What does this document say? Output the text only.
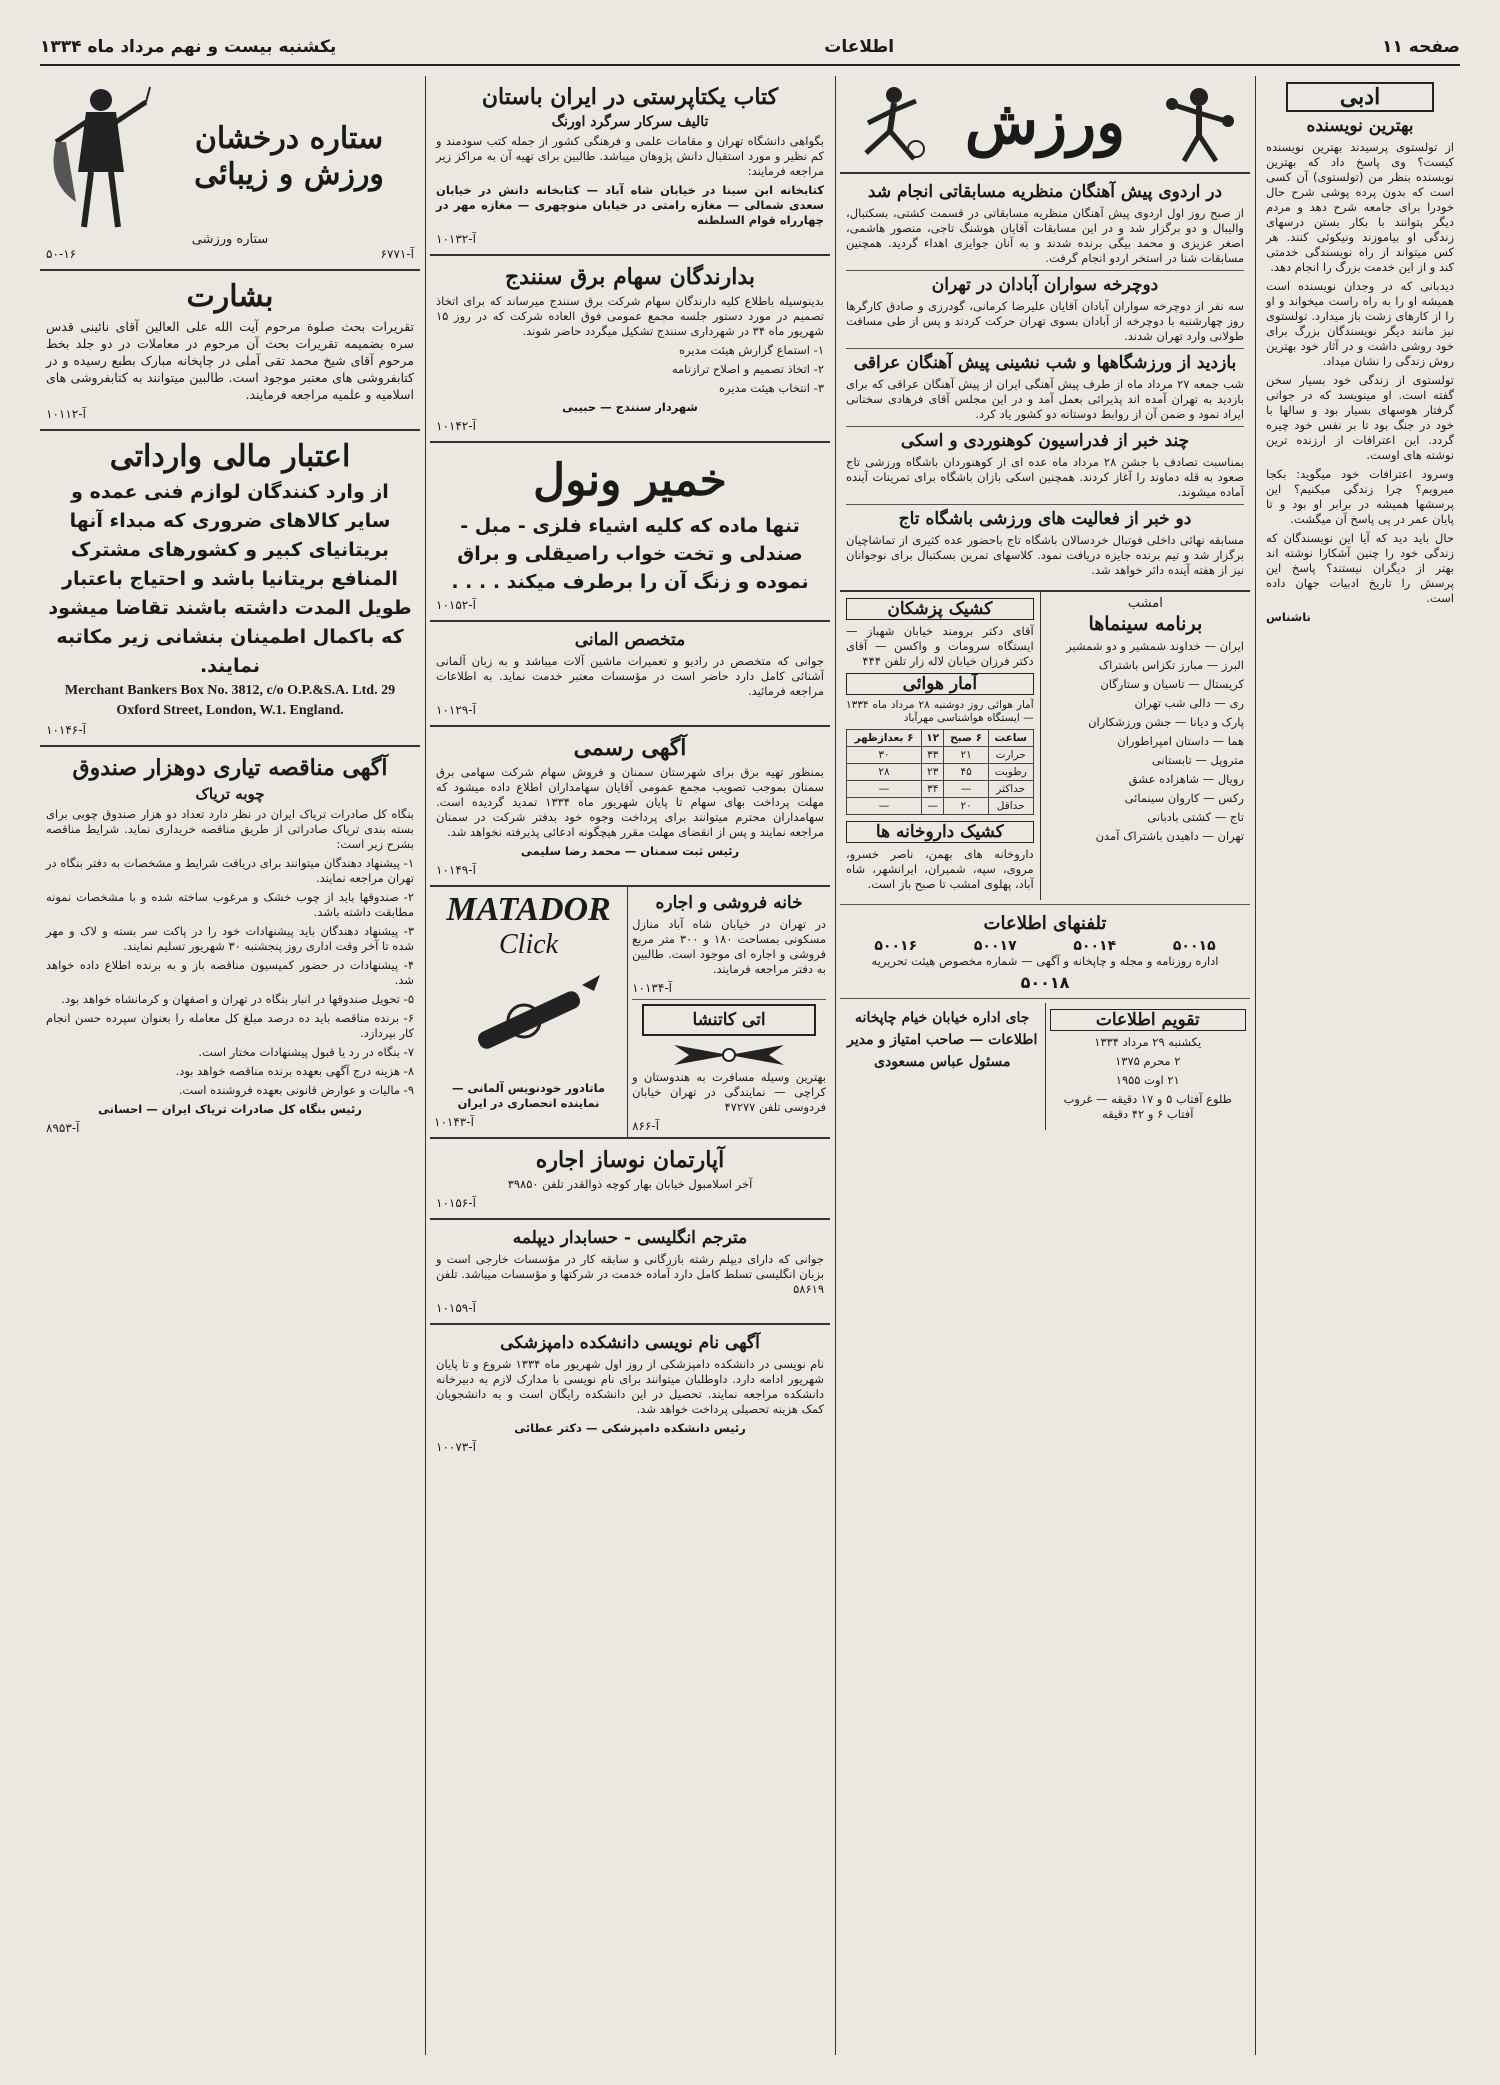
صفحه ۱۱
اطلاعات
یکشنبه بیست و نهم مرداد ماه ۱۳۳۴
ادبی
بهترین نویسنده

از تولستوی پرسیدند بهترین نویسنده کیست؟ وی پاسخ داد که بهترین نویسنده بنظر من (تولستوی) آن کسی است که بدون پرده پوشی شرح حال خودرا برای جامعه شرح دهد و مردم دیگر بتوانند با بکار بستن درسهای زندگی او بیاموزند ونیکوئی کنند. هر کس میتواند از راه نویسندگی خدمتی کند و از این خدمت بزرگ را انجام دهد.

دیدبانی که در وجدان نویسنده است همیشه او را به راه راست میخواند و او را از کارهای زشت باز میدارد. تولستوی نیز مانند دیگر نویسندگان بزرگ برای خود روشی داشت و در آثار خود بهترین روش زندگی را نشان میداد.

تولستوی از زندگی خود بسیار سخن گفته است. او مینویسد که در جوانی گرفتار هوسهای بسیار بود و سالها با خود در جنگ بود تا بر نفس خود چیره گردد. این اعترافات از ارزنده ترین نوشته های اوست.

وسرود اعترافات خود میگوید: بکجا میرویم؟ چرا زندگی میکنیم؟ این پرسشها همیشه در برابر او بود و تا پایان عمر در پی پاسخ آن میگشت.

حال باید دید که آیا این نویسندگان که زندگی خود را چنین آشکارا نوشته اند بهتر از دیگران نیستند؟ پاسخ این پرسش را تاریخ ادبیات جهان داده است.

ناشناس

ورزش
در اردوی پیش آهنگان منظریه مسابقاتی انجام شد

از صبح روز اول اردوی پیش آهنگان منظریه مسابقاتی در قسمت کشتی، بسکتبال، والیبال و دو برگزار شد و در این مسابقات آقایان هوشنگ تاجی، منصور هاشمی، اصغر عزیزی و محمد بیگی برنده شدند و به آنان جوایزی اهداء گردید. همچنین مسابقات شنا در استخر اردو انجام گرفت.

دوچرخه سواران آبادان در تهران

سه نفر از دوچرخه سواران آبادان آقایان علیرضا کرمانی، گودرزی و صادق کارگرها روز چهارشنبه با دوچرخه از آبادان بسوی تهران حرکت کردند و پس از طی مسافت طولانی وارد تهران شدند.

بازدید از ورزشگاهها و شب نشینی پیش آهنگان عراقی

شب جمعه ۲۷ مرداد ماه از طرف پیش آهنگی ایران از پیش آهنگان عراقی که برای بازدید به تهران آمده اند پذیرائی بعمل آمد و در این مجلس آقای فرهادی سخنانی ایراد نمود و ضمن آن از روابط دوستانه دو کشور یاد کرد.

چند خبر از فدراسیون کوهنوردی و اسکی

بمناسبت تصادف با جشن ۲۸ مرداد ماه عده ای از کوهنوردان باشگاه ورزشی تاج صعود به قله دماوند را آغاز کردند. همچنین اسکی بازان باشگاه برای تمرینات آینده آماده میشوند.

دو خبر از فعالیت های ورزشی باشگاه تاج

مسابقه نهائی داخلی فوتبال خردسالان باشگاه تاج باحضور عده کثیری از تماشاچیان برگزار شد و تیم برنده جایزه دریافت نمود. کلاسهای تمرین بسکتبال برای نوجوانان نیز از هفته آینده دائر خواهد شد.

امشب
برنامه سینماها

ایران — خداوند شمشیر و دو شمشیر

البرز — مبارز تکزاس باشتراک

کریستال — تاسیان و ستارگان

ری — دالی شب تهران

پارک و دیانا — جشن ورزشکاران

هما — داستان امپراطوران

متروپل — تابستانی

رویال — شاهزاده عشق

رکس — کاروان سینمائی

تاج — کشتی بادبانی

تهران — داهیدن باشتراک آمدن

کشیک پزشکان

آقای دکتر برومند خیابان شهباز — ایستگاه سرومات و واکسن — آقای دکتر فرزان خیابان لاله زار تلفن ۴۴۴

آمار هوائی

آمار هوائی روز دوشنبه ۲۸ مرداد ماه ۱۳۳۴ — ایستگاه هواشناسی مهرآباد

ساعت	۶ صبح	۱۲	۶ بعدازظهر
حرارت	۲۱	۳۳	۳۰
رطوبت	۴۵	۲۳	۲۸
حداکثر	—	۳۴	—
حداقل	۲۰	—	—
کشیک داروخانه ها

داروخانه های بهمن، ناصر خسرو، مروی، سپه، شمیران، ایرانشهر، شاه آباد، پهلوی امشب تا صبح باز است.

تلفنهای اطلاعات
۵۰۰۱۵
۵۰۰۱۴
۵۰۰۱۷
۵۰۰۱۶

اداره روزنامه و مجله و چاپخانه و آگهی — شماره مخصوص هیئت تحریریه

۵۰۰۱۸
تقویم اطلاعات

یکشنبه ۲۹ مرداد ۱۳۳۴

۲ محرم ۱۳۷۵

۲۱ اوت ۱۹۵۵

طلوع آفتاب ۵ و ۱۷ دقیقه — غروب آفتاب ۶ و ۴۲ دقیقه

جای اداره خیابان خیام چاپخانه اطلاعات — صاحب امتیاز و مدیر مسئول عباس مسعودی
کتاب یکتاپرستی در ایران باستان
تالیف سرکار سرگرد اورنگ

بگواهی دانشگاه تهران و مقامات علمی و فرهنگی کشور از جمله کتب سودمند و کم نظیر و مورد استقبال دانش پژوهان میباشد. طالبین برای تهیه آن به مراکز زیر مراجعه فرمایند:

کتابخانه ابن سینا در خیابان شاه آباد — کتابخانه دانش در خیابان سعدی شمالی — مغازه رامتی در خیابان منوچهری — مغازه مهر در چهارراه قوام السلطنه

آ-۱۰۱۳۲
بدارندگان سهام برق سنندج

بدینوسیله باطلاع کلیه دارندگان سهام شرکت برق سنندج میرساند که برای اتخاذ تصمیم در مورد دستور جلسه مجمع عمومی فوق العاده شرکت که در روز ۱۵ شهریور ماه ۳۴ در شهرداری سنندج تشکیل میگردد حاضر شوند.

۱- استماع گزارش هیئت مدیره

۲- اتخاذ تصمیم و اصلاح ترازنامه

۳- انتخاب هیئت مدیره

شهردار سنندج — حبیبی

آ-۱۰۱۴۲
خمیر ونول
تنها ماده که کلیه اشیاء فلزی - مبل - صندلی و تخت خواب راصیقلی و براق نموده و زنگ آن را برطرف میکند . . . .
آ-۱۰۱۵۲
متخصص المانی

جوانی که متخصص در رادیو و تعمیرات ماشین آلات میباشد و به زبان آلمانی آشنائی کامل دارد حاضر است در مؤسسات معتبر خدمت نماید. به اطلاعات مراجعه فرمائید.

آ-۱۰۱۲۹
آگهی رسمی

بمنظور تهیه برق برای شهرستان سمنان و فروش سهام شرکت سهامی برق سمنان بموجب تصویب مجمع عمومی آقایان سهامداران اطلاع داده میشود که مهلت پرداخت بهای سهام تا پایان شهریور ماه ۱۳۳۴ تمدید گردیده است. سهامداران محترم میتوانند برای پرداخت وجوه خود بدفتر شرکت در سمنان مراجعه نمایند و پس از انقضای مهلت مقرر هیچگونه ادعائی پذیرفته نخواهد شد.

رئیس ثبت سمنان — محمد رضا سلیمی

آ-۱۰۱۴۹
خانه فروشی و اجاره

در تهران در خیابان شاه آباد منازل مسکونی بمساحت ۱۸۰ و ۳۰۰ متر مربع فروشی و اجاره ای موجود است. طالبین به دفتر مراجعه فرمایند.

آ-۱۰۱۳۴
اتی کاتنشا

بهترین وسیله مسافرت به هندوستان و کراچی — نمایندگی در تهران خیابان فردوسی تلفن ۴۷۲۷۷

آ-۸۶۶
MATADOR
Click
M

ماتادور خودنویس آلمانی — نماینده انحصاری در ایران

آ-۱۰۱۴۳
آپارتمان نوساز اجاره

آخر اسلامبول خیابان بهار کوچه ذوالقدر تلفن ۳۹۸۵۰

آ-۱۰۱۵۶
مترجم انگلیسی - حسابدار دیپلمه

جوانی که دارای دیپلم رشته بازرگانی و سابقه کار در مؤسسات خارجی است و بزبان انگلیسی تسلط کامل دارد آماده خدمت در شرکتها و مؤسسات میباشد. تلفن ۵۸۶۱۹

آ-۱۰۱۵۹
آگهی نام نویسی دانشکده دامپزشکی

نام نویسی در دانشکده دامپزشکی از روز اول شهریور ماه ۱۳۳۴ شروع و تا پایان شهریور ادامه دارد. داوطلبان میتوانند برای نام نویسی با مدارک لازم به دبیرخانه دانشکده مراجعه نمایند. تحصیل در این دانشکده رایگان است و به دانشجویان کمک هزینه تحصیلی پرداخت خواهد شد.

رئیس دانشکده دامپزشکی — دکتر عطائی

آ-۱۰۰۷۳
ستاره درخشان ورزش و زیبائی
ستاره ورزشی
۵۰-۱۶	آ-۶۷۷۱
بشارت

تقریرات بحث صلوة مرحوم آیت الله علی العالین آقای نائینی قدس سره بضمیمه تقریرات بحث آن مرحوم در معاملات در دو جلد بخط مرحوم آقای شیخ محمد تقی آملی در چاپخانه مبارک بطبع رسیده و در کتابفروشی های معتبر موجود است. طالبین میتوانند به کتابفروشی های اسلامیه و علمیه مراجعه فرمایند.

آ-۱۰۱۱۲
اعتبار مالی وارداتی
از وارد کنندگان لوازم فنی عمده و سایر کالاهای ضروری که مبداء آنها بریتانیای کبیر و کشورهای مشترک المنافع بریتانیا باشد و احتیاج باعتبار طویل المدت داشته باشند تقاضا میشود که باکمال اطمینان بنشانی زیر مکاتبه نمایند.
Merchant Bankers Box No. 3812, c/o O.P.&S.A. Ltd. 29 Oxford Street, London, W.1. England.
آ-۱۰۱۴۶
آگهی مناقصه تیاری دوهزار صندوق
چوبه تریاک

بنگاه کل صادرات تریاک ایران در نظر دارد تعداد دو هزار صندوق چوبی برای بسته بندی تریاک صادراتی از طریق مناقصه خریداری نماید. شرایط مناقصه بشرح زیر است:

۱- پیشنهاد دهندگان میتوانند برای دریافت شرایط و مشخصات به دفتر بنگاه در تهران مراجعه نمایند.

۲- صندوقها باید از چوب خشک و مرغوب ساخته شده و با مشخصات نمونه مطابقت داشته باشد.

۳- پیشنهاد دهندگان باید پیشنهادات خود را در پاکت سر بسته و لاک و مهر شده تا آخر وقت اداری روز پنجشنبه ۳۰ شهریور تسلیم نمایند.

۴- پیشنهادات در حضور کمیسیون مناقصه باز و به برنده اطلاع داده خواهد شد.

۵- تحویل صندوقها در انبار بنگاه در تهران و اصفهان و کرمانشاه خواهد بود.

۶- برنده مناقصه باید ده درصد مبلغ کل معامله را بعنوان سپرده حسن انجام کار بپردازد.

۷- بنگاه در رد یا قبول پیشنهادات مختار است.

۸- هزینه درج آگهی بعهده برنده مناقصه خواهد بود.

۹- مالیات و عوارض قانونی بعهده فروشنده است.

رئیس بنگاه کل صادرات تریاک ایران — احسانی

آ-۸۹۵۳
